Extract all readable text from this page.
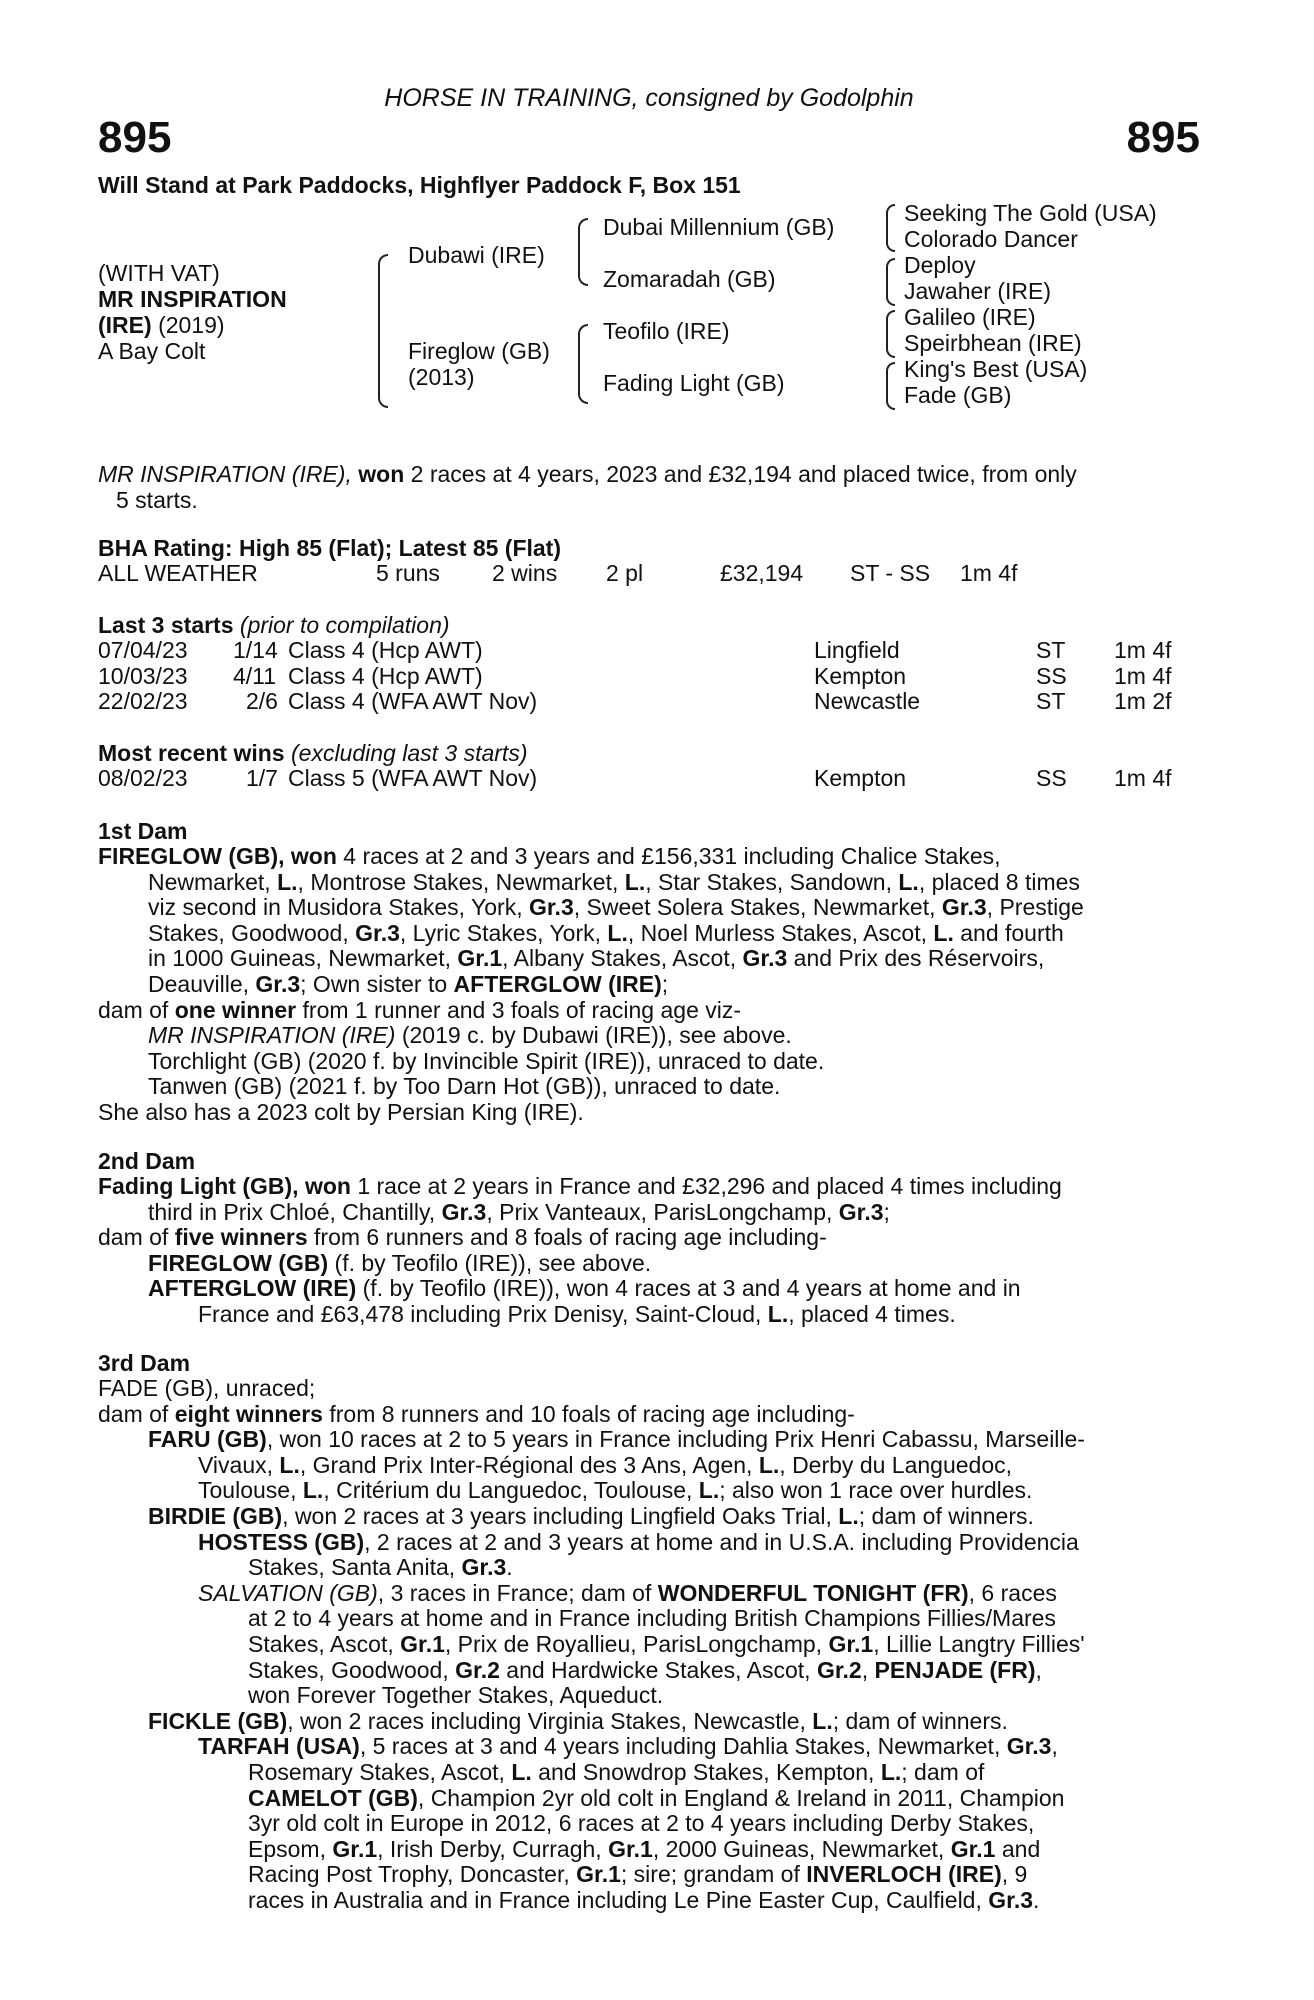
HORSE IN TRAINING, consigned by Godolphin
895	895
Will Stand at Park Paddocks, Highflyer Paddock F, Box 151
(WITH VAT)
MR INSPIRATION
(IRE) (2019)
A Bay Colt
Dubawi (IRE)
Fireglow (GB)
(2013)
Dubai Millennium (GB)
Zomaradah (GB)
Teofilo (IRE)
Fading Light (GB)
Seeking The Gold (USA)
Colorado Dancer
Deploy
Jawaher (IRE)
Galileo (IRE)
Speirbhean (IRE)
King's Best (USA)
Fade (GB)
MR INSPIRATION (IRE), won 2 races at 4 years, 2023 and £32,194 and placed twice, from only
5 starts.
BHA Rating: High 85 (Flat); Latest 85 (Flat)
ALL WEATHER	5 runs 2 wins 2 pl	£32,194 ST - SS 1m 4f
Last 3 starts (prior to compilation)
07/04/23 1/14 Class 4 (Hcp AWT)	Lingfield	ST 1m 4f
10/03/23 4/11 Class 4 (Hcp AWT)	Kempton	SS 1m 4f
22/02/23	2/6 Class 4 (WFA AWT Nov)	Newcastle	ST 1m 2f
Most recent wins (excluding last 3 starts)
08/02/23	1/7 Class 5 (WFA AWT Nov)	Kempton	SS 1m 4f
1st Dam
FIREGLOW (GB), won 4 races at 2 and 3 years and £156,331 including Chalice Stakes,
Newmarket, L., Montrose Stakes, Newmarket, L., Star Stakes, Sandown, L., placed 8 times
viz second in Musidora Stakes, York, Gr.3, Sweet Solera Stakes, Newmarket, Gr.3, Prestige
Stakes, Goodwood, Gr.3, Lyric Stakes, York, L., Noel Murless Stakes, Ascot, L. and fourth
in 1000 Guineas, Newmarket, Gr.1, Albany Stakes, Ascot, Gr.3 and Prix des Réservoirs,
Deauville, Gr.3; Own sister to AFTERGLOW (IRE);
dam of one winner from 1 runner and 3 foals of racing age viz-
MR INSPIRATION (IRE) (2019 c. by Dubawi (IRE)), see above.
Torchlight (GB) (2020 f. by Invincible Spirit (IRE)), unraced to date.
Tanwen (GB) (2021 f. by Too Darn Hot (GB)), unraced to date.
She also has a 2023 colt by Persian King (IRE).
2nd Dam
Fading Light (GB), won 1 race at 2 years in France and £32,296 and placed 4 times including
third in Prix Chloé, Chantilly, Gr.3, Prix Vanteaux, ParisLongchamp, Gr.3;
dam of five winners from 6 runners and 8 foals of racing age including-
FIREGLOW (GB) (f. by Teofilo (IRE)), see above.
AFTERGLOW (IRE) (f. by Teofilo (IRE)), won 4 races at 3 and 4 years at home and in
France and £63,478 including Prix Denisy, Saint-Cloud, L., placed 4 times.
3rd Dam
FADE (GB), unraced;
dam of eight winners from 8 runners and 10 foals of racing age including-
FARU (GB), won 10 races at 2 to 5 years in France including Prix Henri Cabassu, Marseille-
Vivaux, L., Grand Prix Inter-Régional des 3 Ans, Agen, L., Derby du Languedoc,
Toulouse, L., Critérium du Languedoc, Toulouse, L.; also won 1 race over hurdles.
BIRDIE (GB), won 2 races at 3 years including Lingfield Oaks Trial, L.; dam of winners.
HOSTESS (GB), 2 races at 2 and 3 years at home and in U.S.A. including Providencia
Stakes, Santa Anita, Gr.3.
SALVATION (GB), 3 races in France; dam of WONDERFUL TONIGHT (FR), 6 races
at 2 to 4 years at home and in France including British Champions Fillies/Mares
Stakes, Ascot, Gr.1, Prix de Royallieu, ParisLongchamp, Gr.1, Lillie Langtry Fillies'
Stakes, Goodwood, Gr.2 and Hardwicke Stakes, Ascot, Gr.2, PENJADE (FR),
won Forever Together Stakes, Aqueduct.
FICKLE (GB), won 2 races including Virginia Stakes, Newcastle, L.; dam of winners.
TARFAH (USA), 5 races at 3 and 4 years including Dahlia Stakes, Newmarket, Gr.3,
Rosemary Stakes, Ascot, L. and Snowdrop Stakes, Kempton, L.; dam of
CAMELOT (GB), Champion 2yr old colt in England & Ireland in 2011, Champion
3yr old colt in Europe in 2012, 6 races at 2 to 4 years including Derby Stakes,
Epsom, Gr.1, Irish Derby, Curragh, Gr.1, 2000 Guineas, Newmarket, Gr.1 and
Racing Post Trophy, Doncaster, Gr.1; sire; grandam of INVERLOCH (IRE), 9
races in Australia and in France including Le Pine Easter Cup, Caulfield, Gr.3.
